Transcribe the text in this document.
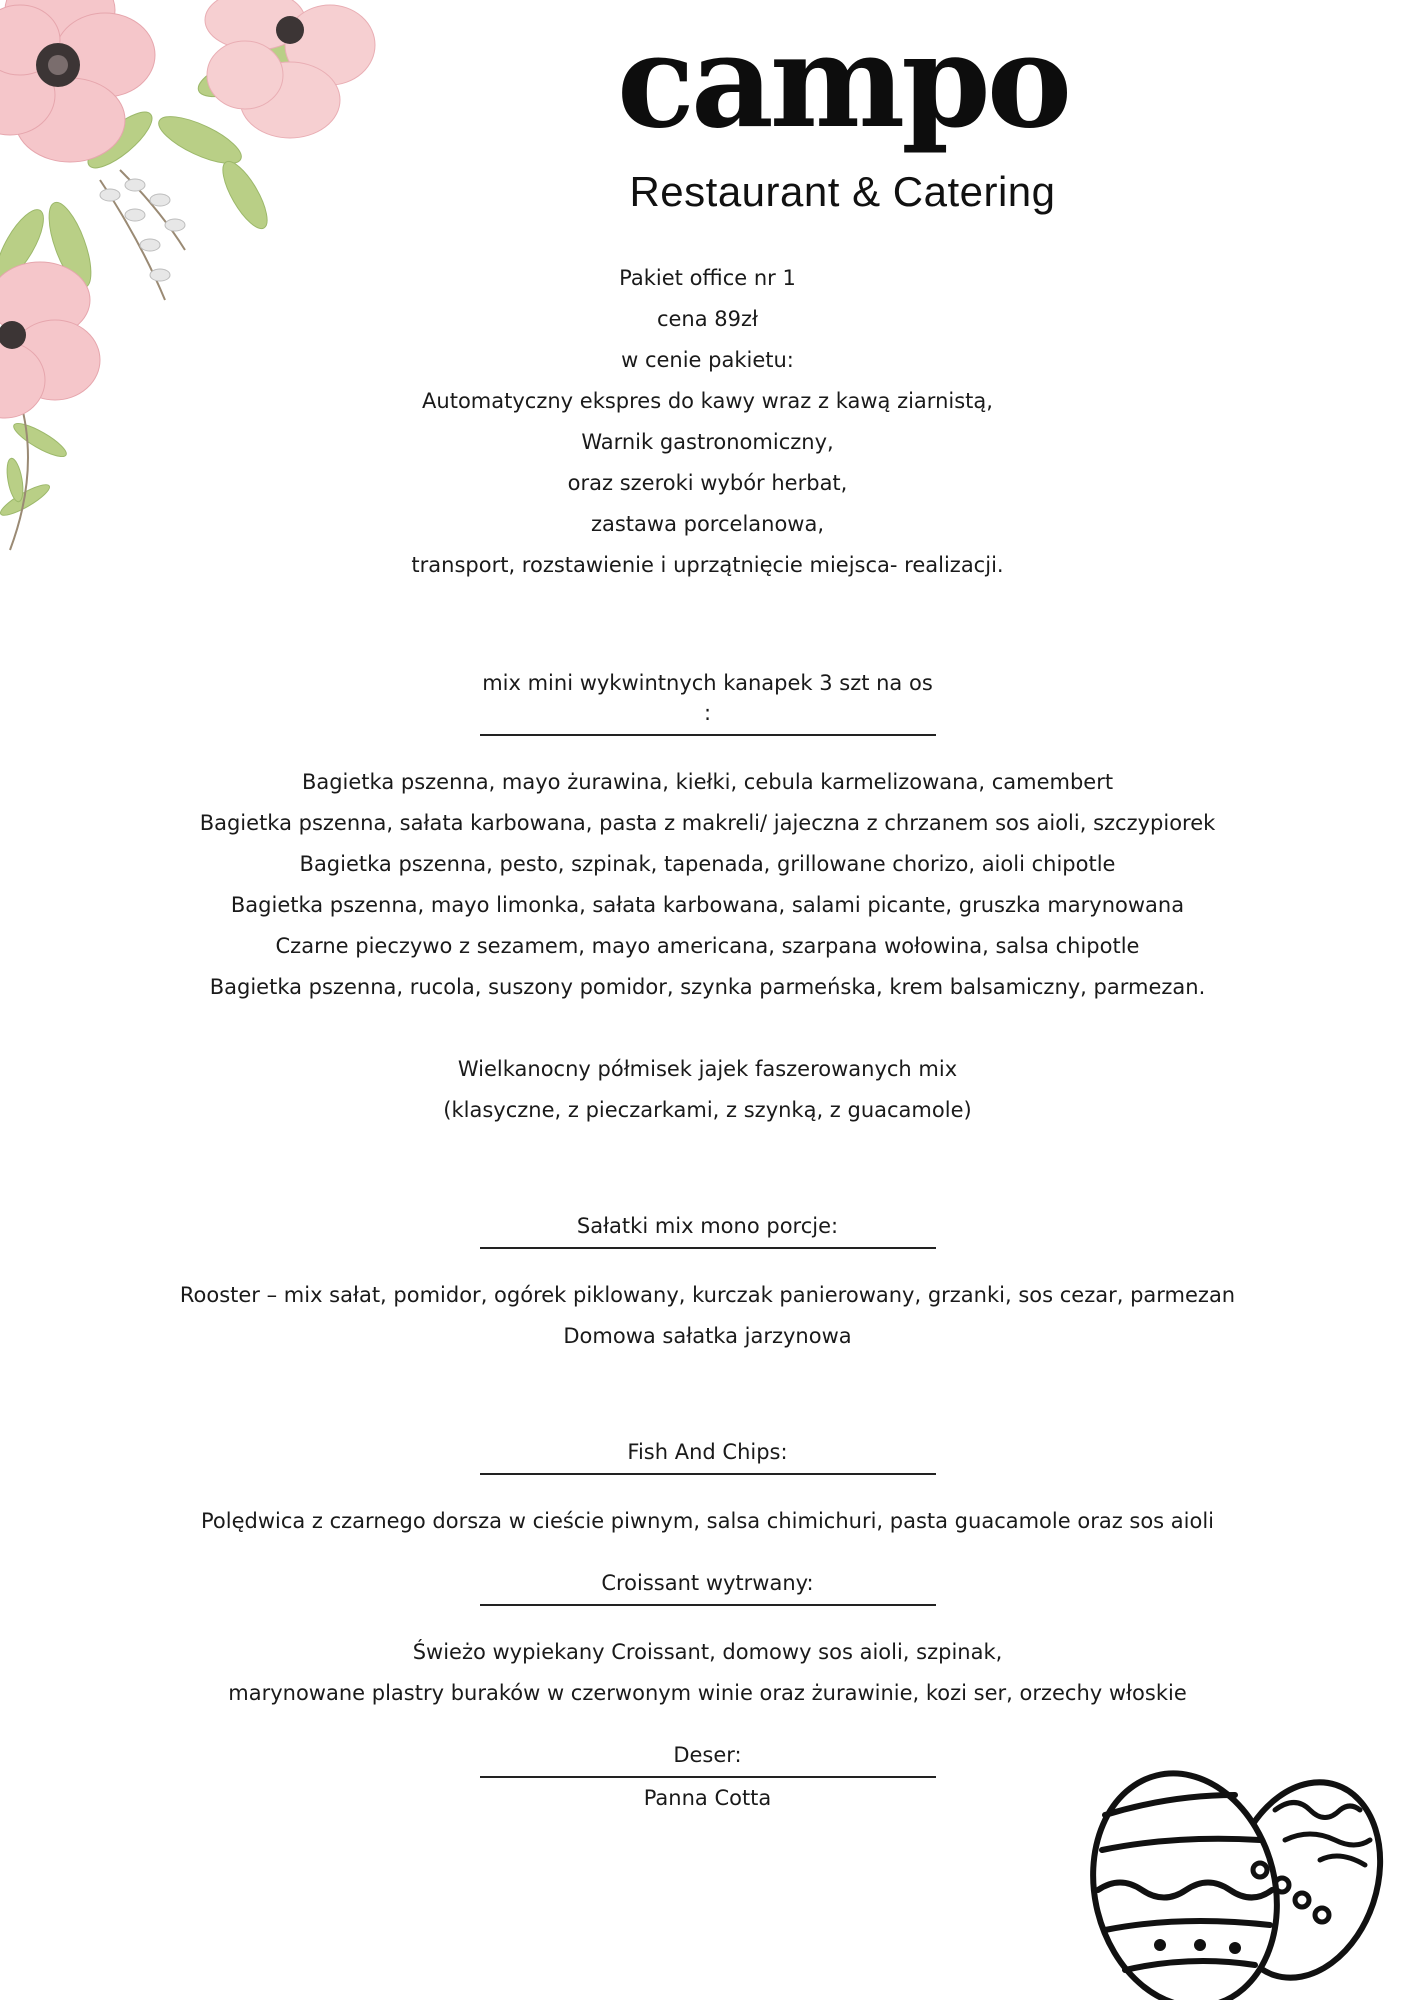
campo
Restaurant & Catering
Pakiet office nr 1
cena 89zł
w cenie pakietu:
Automatyczny ekspres do kawy wraz z kawą ziarnistą,
Warnik gastronomiczny,
oraz szeroki wybór herbat,
zastawa porcelanowa,
transport, rozstawienie i uprzątnięcie miejsca- realizacji.
mix mini wykwintnych kanapek 3 szt na os :
Bagietka pszenna, mayo żurawina, kiełki, cebula karmelizowana, camembert
Bagietka pszenna, sałata karbowana, pasta z makreli/ jajeczna z chrzanem sos aioli, szczypiorek
Bagietka pszenna, pesto, szpinak, tapenada, grillowane chorizo, aioli chipotle
Bagietka pszenna, mayo limonka, sałata karbowana, salami picante, gruszka marynowana
Czarne pieczywo z sezamem, mayo americana, szarpana wołowina, salsa chipotle
Bagietka pszenna, rucola, suszony pomidor, szynka parmeńska, krem balsamiczny, parmezan.
Wielkanocny półmisek jajek faszerowanych mix
(klasyczne, z pieczarkami, z szynką, z guacamole)
Sałatki mix mono porcje:
Rooster – mix sałat, pomidor, ogórek piklowany, kurczak panierowany, grzanki, sos cezar, parmezan
Domowa sałatka jarzynowa
Fish And Chips:
Polędwica z czarnego dorsza w cieście piwnym, salsa chimichuri, pasta guacamole oraz sos aioli
Croissant wytrwany:
Świeżo wypiekany Croissant, domowy sos aioli, szpinak,
marynowane plastry buraków w czerwonym winie oraz żurawinie, kozi ser, orzechy włoskie
Deser:
Panna Cotta
